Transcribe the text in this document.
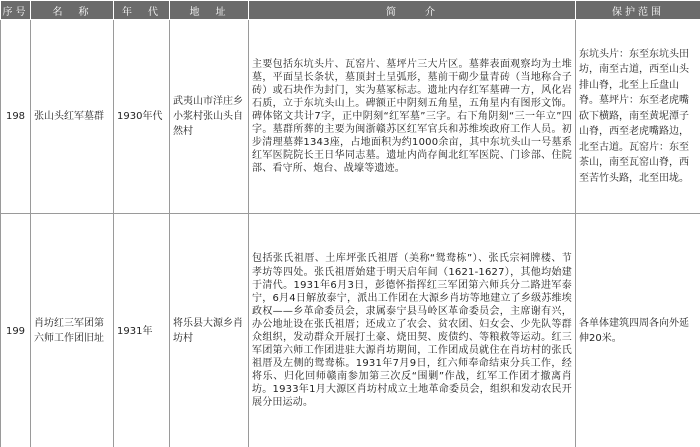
序号	名　称	年　代	地　址	简　　介	保护范围
198	张山头红军墓群	1930年代	武夷山市洋庄乡小浆村张山头自然村	主要包括东坑头片、瓦窑片、墓坪片三大片区。墓葬表面观察均为土堆墓，平面呈长条状，墓顶封土呈弧形，墓前干砌少量青砖（当地称合子砖）或石块作为封门，实为墓冢标志。遗址内存红军墓碑一方，风化岩石质，立于东坑头山上。碑额正中阴刻五角星，五角星内有图形文饰。碑体铭文共计7字，正中阴刻“红军墓”三字。右下角阴刻“三一年立”四字。墓群所葬的主要为闽浙赣苏区红军官兵和苏维埃政府工作人员。初步清理墓葬1343座，占地面积为约1000余亩，其中东坑头山一号墓系红军医院院长王日华同志墓。遗址内尚存闽北红军医院、门诊部、住院部、看守所、炮台、战壕等遗迹。	东坑头片：东至东坑头田坊，南至古道，西至山头排山脊，北至上丘盘山脊。墓坪片：东至老虎嘴砍下横路，南至黄坭潭子山脊，西至老虎嘴路边，北至古道。瓦窑片：东至茶山，南至瓦窑山脊，西至苦竹头路，北至田垅。
199	肖坊红三军团第六师工作团旧址	1931年	将乐县大源乡肖坊村	包括张氏祖厝、土库坪张氏祖厝（美称“鸳鸯栋”）、张氏宗祠牌楼、节孝坊等四处。张氏祖厝始建于明天启年间（1621-1627），其他均始建于清代。1931年6月3日，彭德怀指挥红三军团第六师兵分二路进军泰宁，6月4日解放泰宁，派出工作团在大源乡肖坊等地建立了乡级苏维埃政权——乡革命委员会，隶属泰宁县马岭区革命委员会，主席谢有兴，办公地址设在张氏祖厝；还成立了农会、贫农团、妇女会、少先队等群众组织，发动群众开展打土豪、烧田契、废债约、等粮救等运动。红三军团第六师工作团进驻大源肖坊期间，工作团成员就住在肖坊村的张氏祖厝及左侧的鸳鸯栋。1931年7月9日，红六师奉命结束分兵工作，经将乐、归化回师赣南参加第三次反“围剿”作战，红军工作团才撤离肖坊。1933年1月大源区肖坊村成立土地革命委员会，组织和发动农民开展分田运动。	各单体建筑四周各向外延伸20米。
